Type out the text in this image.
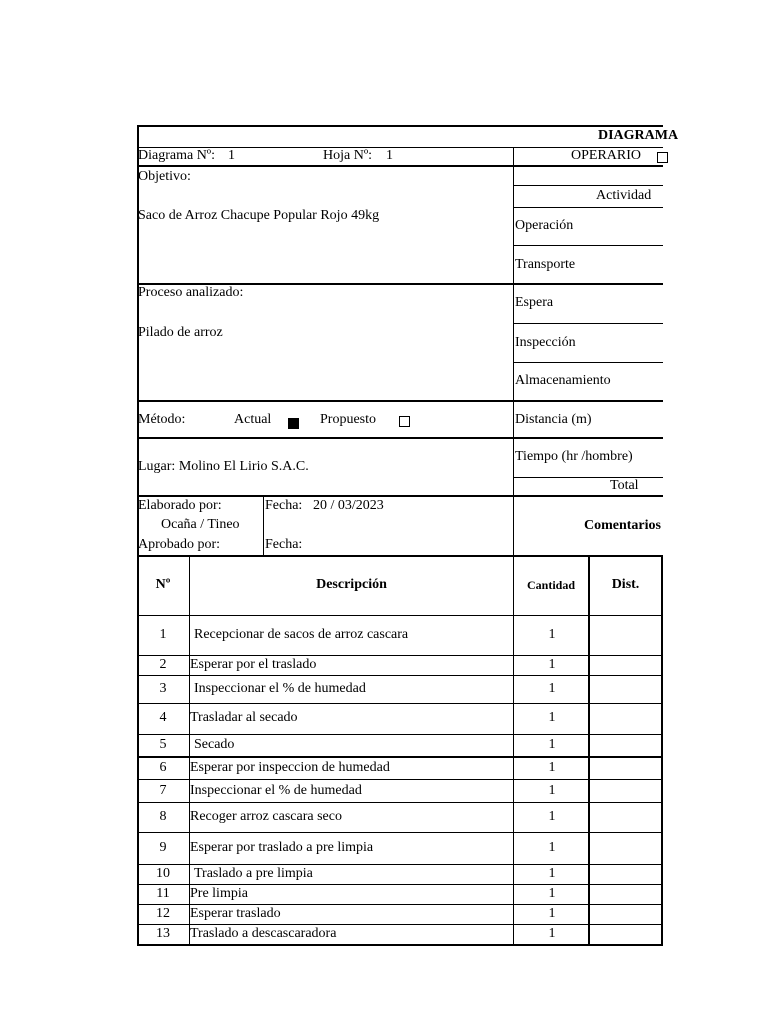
DIAGRAMA
Diagrama Nº: 1	Hoja Nº: 1	OPERARIO
Objetivo:
Saco de Arroz Chacupe Popular Rojo 49kg
Proceso analizado:
Pilado de arroz
Método:	Actual	Propuesto
Lugar: Molino El Lirio S.A.C.
Elaborado por:
Ocaña / Tineo
Aprobado por:
Fecha: 20 / 03/2023
Fecha:
Actividad
Operación
Transporte
Espera
Inspección
Almacenamiento
Distancia (m)
Tiempo (hr /hombre)
Total
Comentarios
Nº	Descripción	Cantidad	Dist.
1	Recepcionar de sacos de arroz cascara	1
2	Esperar por el traslado	1
3	Inspeccionar el % de humedad	1
4	Trasladar al secado	1
5	Secado	1
6	Esperar por inspeccion de humedad	1
7	Inspeccionar el % de humedad	1
8	Recoger arroz cascara seco	1
9	Esperar por traslado a pre limpia	1
10	Traslado a pre limpia	1
11	Pre limpia	1
12	Esperar traslado	1
13	Traslado a descascaradora	1
